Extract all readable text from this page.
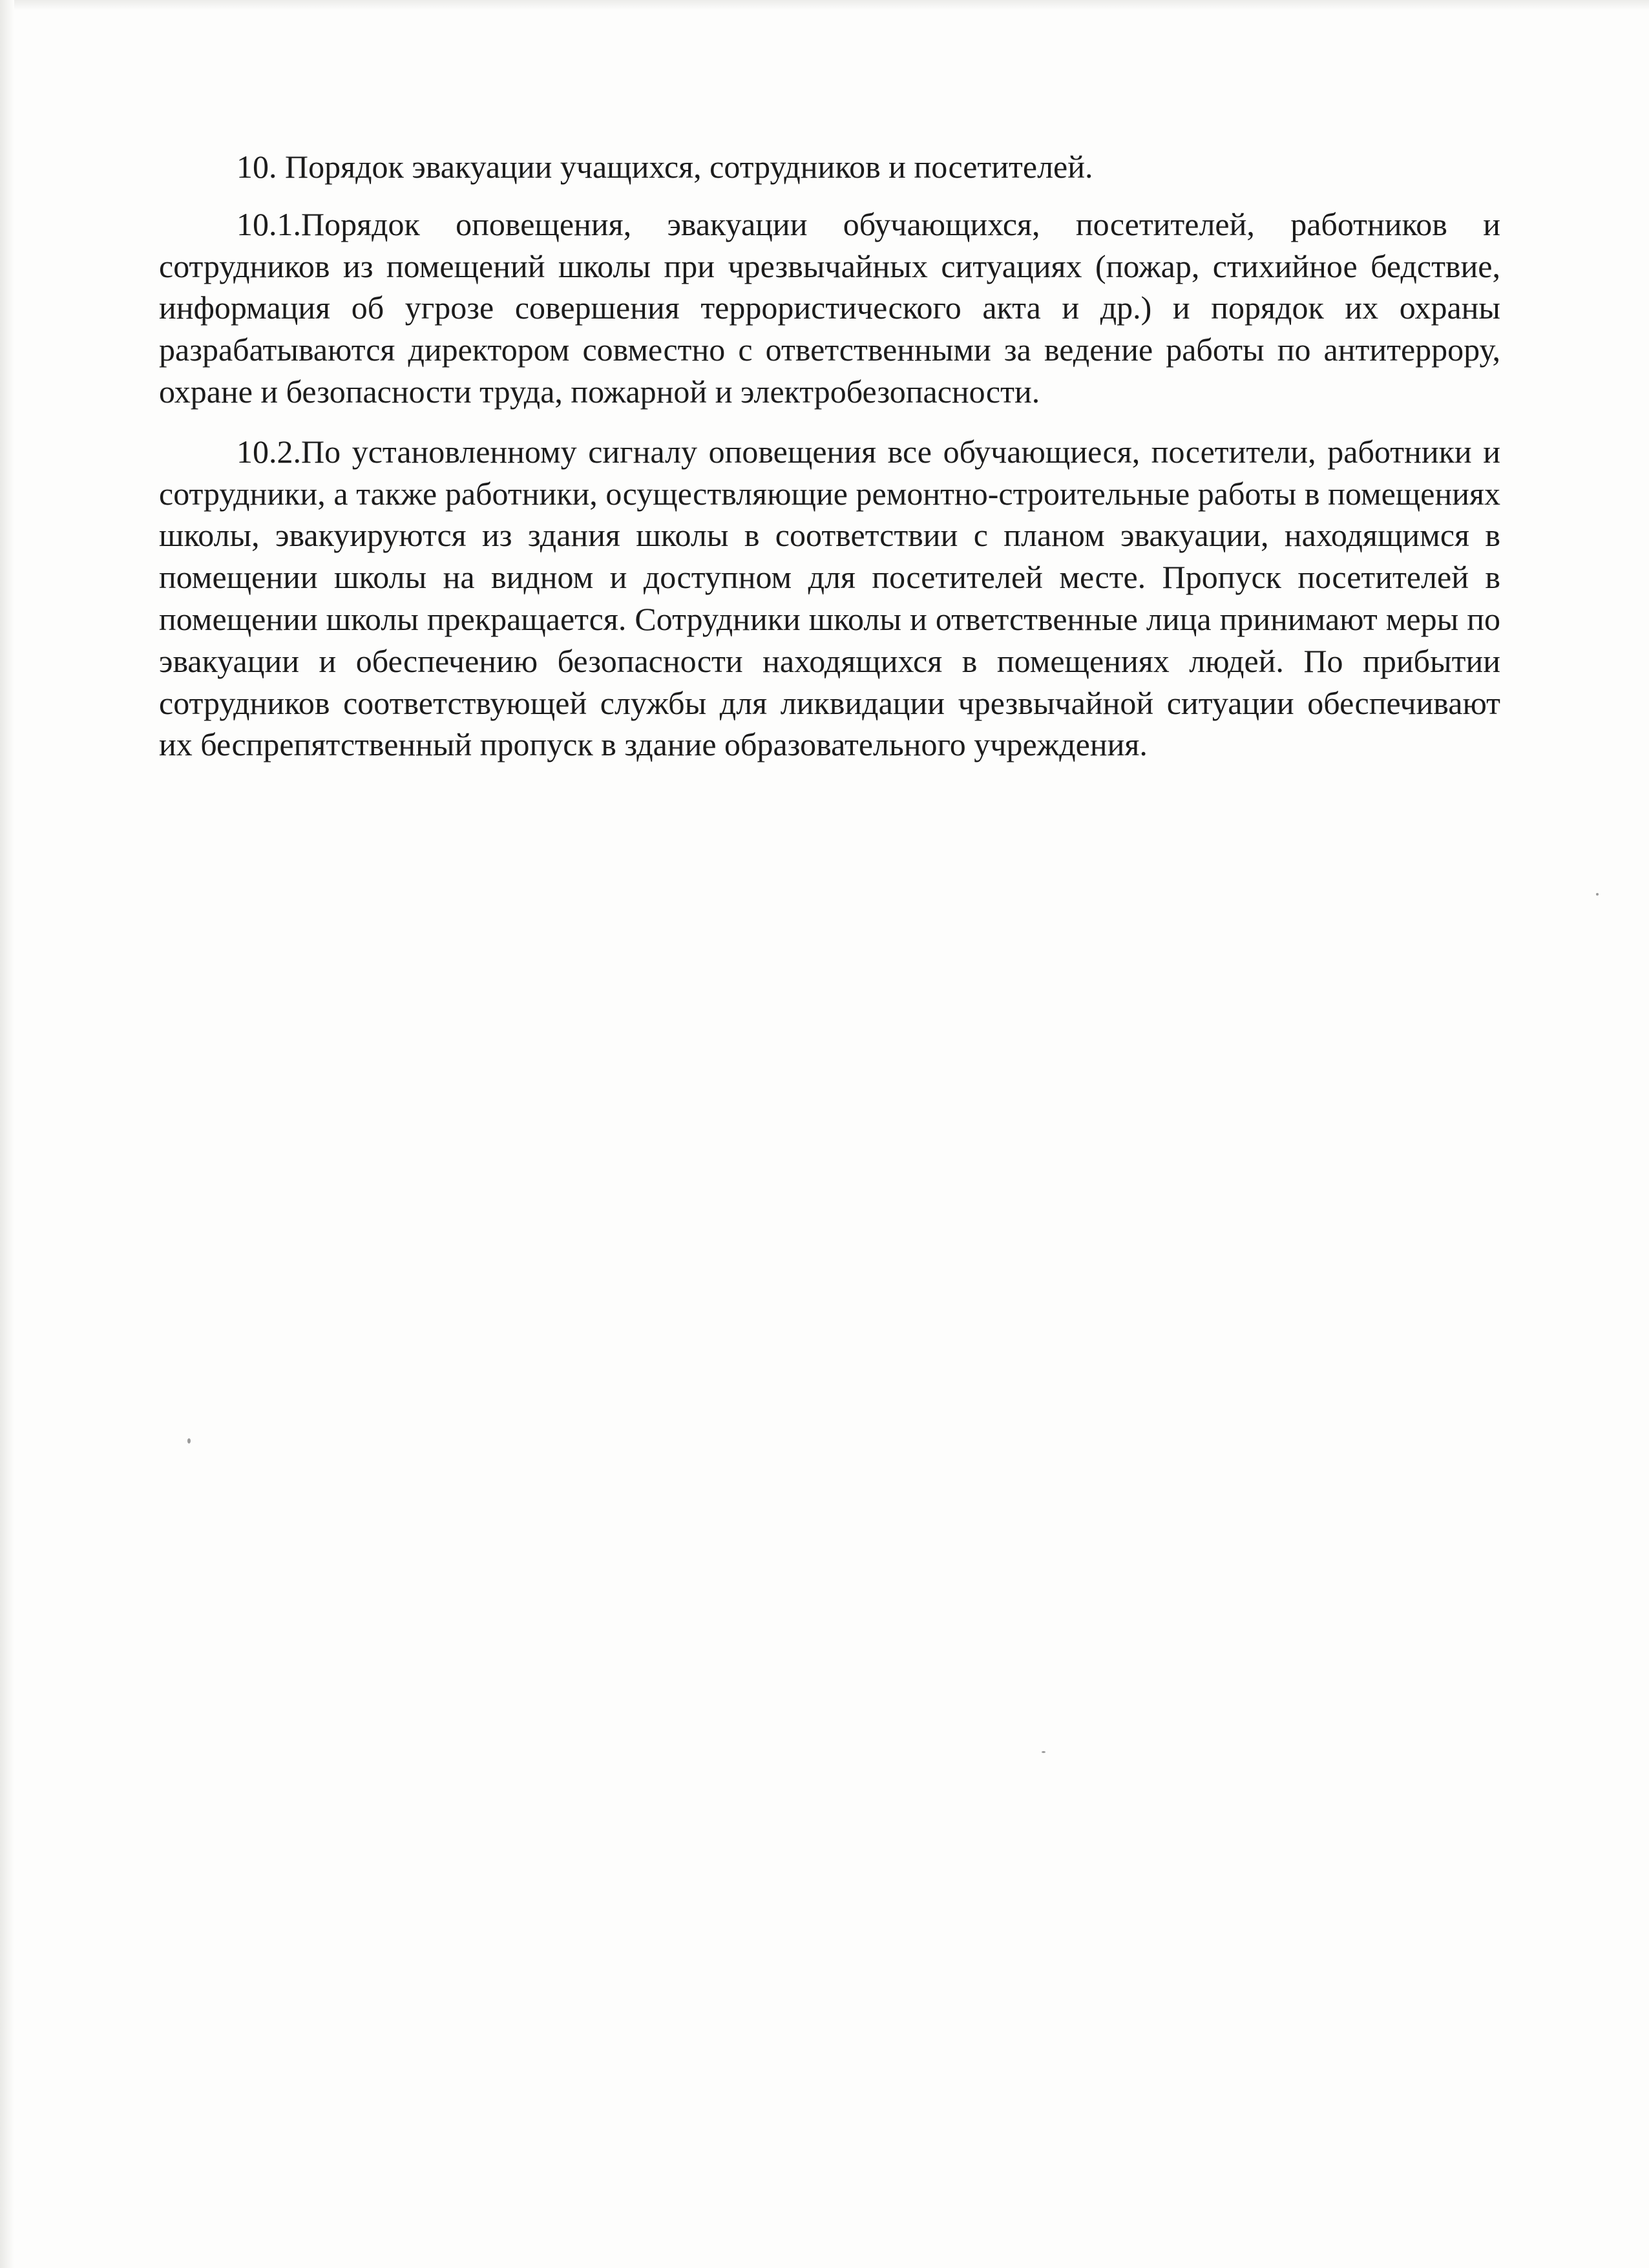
10. Порядок эвакуации учащихся, сотрудников и посетителей.

10.1.Порядок оповещения, эвакуации обучающихся, посетителей, работников и сотрудников из помещений школы при чрезвычайных ситуациях (пожар, стихийное бедствие, информация об угрозе совершения террористического акта и др.) и порядок их охраны разрабатываются директором совместно с ответственными за ведение работы по антитеррору, охране и безопасности труда, пожарной и электробезопасности.

10.2.По установленному сигналу оповещения все обучающиеся, посетители, работники и сотрудники, а также работники, осуществляющие ремонтно-строительные работы в помещениях школы, эвакуируются из здания школы в соответствии с планом эвакуации, находящимся в помещении школы на видном и доступном для посетителей месте. Пропуск посетителей в помещении школы прекращается. Сотрудники школы и ответственные лица принимают меры по эвакуации и обеспечению безопасности находящихся в помещениях людей. По прибытии сотрудников соответствующей службы для ликвидации чрезвычайной ситуации обеспечивают их беспрепятственный пропуск в здание образовательного учреждения.
